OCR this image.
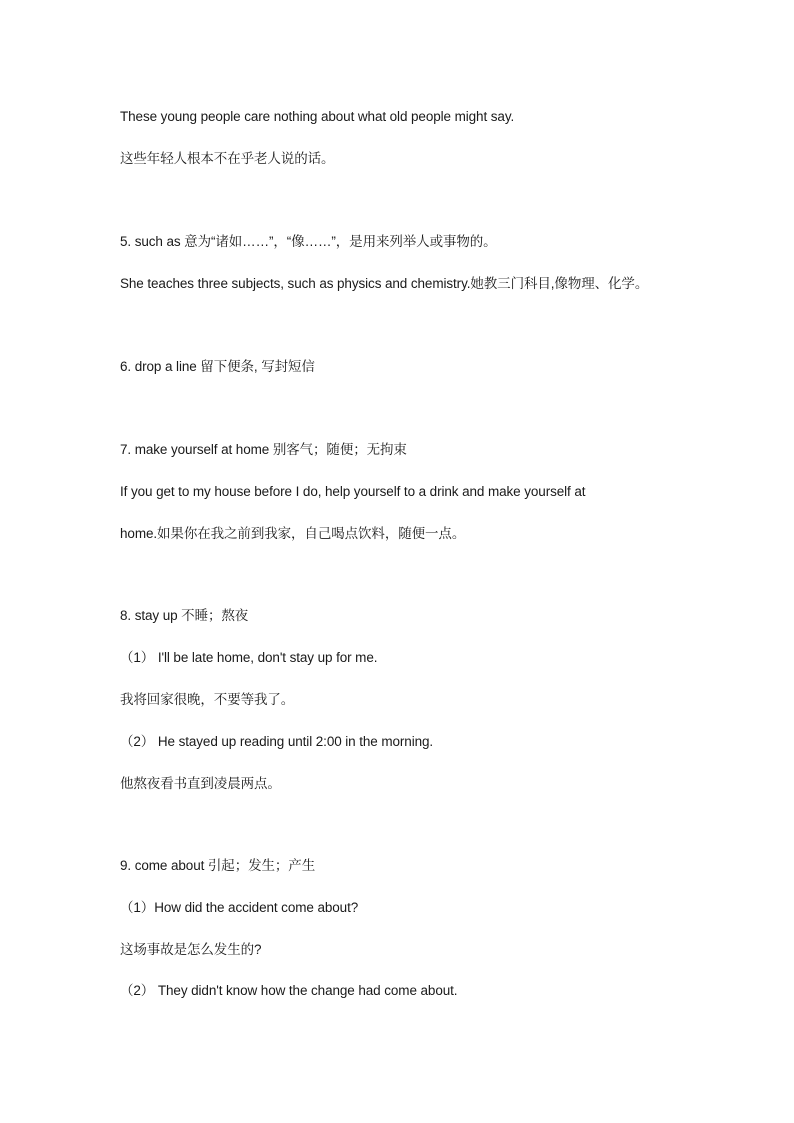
These young people care nothing about what old people might say.
这些年轻人根本不在乎老人说的话。
5. such as 意为“诸如……”，“像……”，是用来列举人或事物的。
She teaches three subjects, such as physics and chemistry.她教三门科目,像物理、化学。
6. drop a line 留下便条, 写封短信
7. make yourself at home 别客气；随便；无拘束
If you get to my house before I do, help yourself to a drink and make yourself at
home.如果你在我之前到我家，自己喝点饮料，随便一点。
8. stay up 不睡；熬夜
（1） I'll be late home, don't stay up for me.
我将回家很晚，不要等我了。
（2） He stayed up reading until 2:00 in the morning.
他熬夜看书直到凌晨两点。
9. come about 引起；发生；产生
（1）How did the accident come about?
这场事故是怎么发生的?
（2） They didn't know how the change had come about.
